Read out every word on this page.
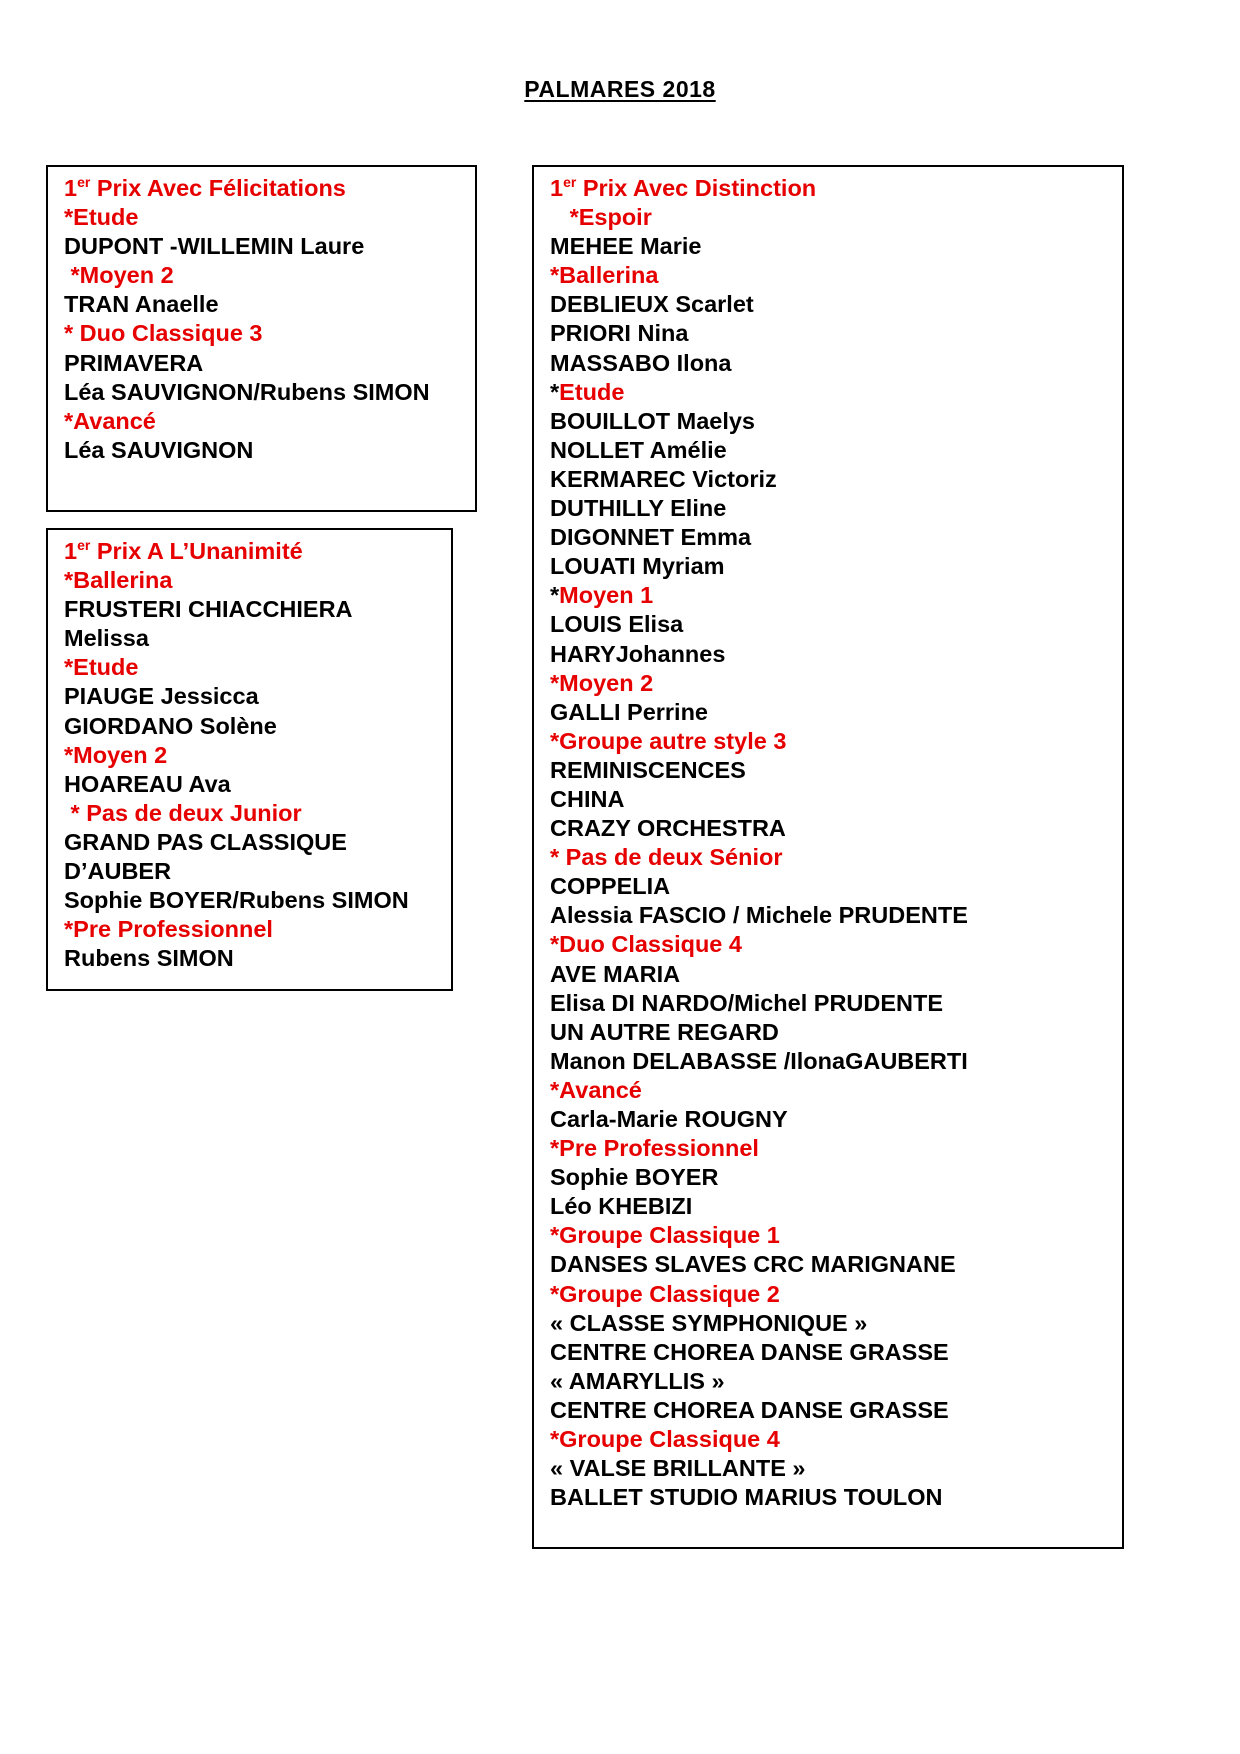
PALMARES 2018
1er Prix Avec Félicitations
*Etude
DUPONT -WILLEMIN Laure
*Moyen 2
TRAN Anaelle
* Duo Classique 3
PRIMAVERA
Léa SAUVIGNON/Rubens SIMON
*Avancé
Léa SAUVIGNON
1er Prix A L’Unanimité
*Ballerina
FRUSTERI CHIACCHIERA
Melissa
*Etude
PIAUGE Jessicca
GIORDANO Solène
*Moyen 2
HOAREAU Ava
* Pas de deux Junior
GRAND PAS CLASSIQUE
D’AUBER
Sophie BOYER/Rubens SIMON
*Pre Professionnel
Rubens SIMON
1er Prix Avec Distinction
*Espoir
MEHEE Marie
*Ballerina
DEBLIEUX Scarlet
PRIORI Nina
MASSABO Ilona
*Etude
BOUILLOT Maelys
NOLLET Amélie
KERMAREC Victoriz
DUTHILLY Eline
DIGONNET Emma
LOUATI Myriam
*Moyen 1
LOUIS Elisa
HARYJohannes
*Moyen 2
GALLI Perrine
*Groupe autre style 3
REMINISCENCES
CHINA
CRAZY ORCHESTRA
* Pas de deux Sénior
COPPELIA
Alessia FASCIO / Michele PRUDENTE
*Duo Classique 4
AVE MARIA
Elisa DI NARDO/Michel PRUDENTE
UN AUTRE REGARD
Manon DELABASSE /IlonaGAUBERTI
*Avancé
Carla-Marie ROUGNY
*Pre Professionnel
Sophie BOYER
Léo KHEBIZI
*Groupe Classique 1
DANSES SLAVES CRC MARIGNANE
*Groupe Classique 2
« CLASSE SYMPHONIQUE »
CENTRE CHOREA DANSE GRASSE
« AMARYLLIS »
CENTRE CHOREA DANSE GRASSE
*Groupe Classique 4
« VALSE BRILLANTE »
BALLET STUDIO MARIUS TOULON
